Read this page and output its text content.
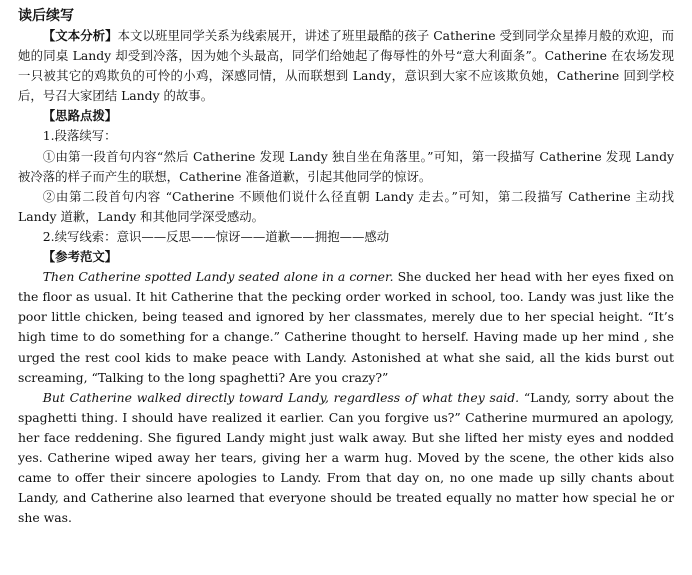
读后续写

【文本分析】本文以班里同学关系为线索展开，讲述了班里最酷的孩子 Catherine 受到同学众星捧月般的欢迎，而她的同桌 Landy 却受到冷落，因为她个头最高，同学们给她起了侮辱性的外号“意大利面条”。Catherine 在农场发现一只被其它的鸡欺负的可怜的小鸡，深感同情，从而联想到 Landy，意识到大家不应该欺负她，Catherine 回到学校后，号召大家团结 Landy 的故事。

【思路点拨】

1.段落续写：

①由第一段首句内容“然后 Catherine 发现 Landy 独自坐在角落里。”可知，第一段描写 Catherine 发现 Landy 被冷落的样子而产生的联想，Catherine 准备道歉，引起其他同学的惊讶。

②由第二段首句内容 “Catherine 不顾他们说什么径直朝 Landy 走去。”可知，第二段描写 Catherine 主动找 Landy 道歉，Landy 和其他同学深受感动。

2.续写线索：意识——反思——惊讶——道歉——拥抱——感动

【参考范文】

Then Catherine spotted Landy seated alone in a corner. She ducked her head with her eyes fixed on the floor as usual. It hit Catherine that the pecking order worked in school, too. Landy was just like the poor little chicken, being teased and ignored by her classmates, merely due to her special height. “It’s high time to do something for a change.” Catherine thought to herself. Having made up her mind , she urged the rest cool kids to make peace with Landy. Astonished at what she said, all the kids burst out screaming, “Talking to the long spaghetti? Are you crazy?”

But Catherine walked directly toward Landy, regardless of what they said. “Landy, sorry about the spaghetti thing. I should have realized it earlier. Can you forgive us?” Catherine murmured an apology, her face reddening. She figured Landy might just walk away. But she lifted her misty eyes and nodded yes. Catherine wiped away her tears, giving her a warm hug. Moved by the scene, the other kids also came to offer their sincere apologies to Landy. From that day on, no one made up silly chants about Landy, and Catherine also learned that everyone should be treated equally no matter how special he or she was.
